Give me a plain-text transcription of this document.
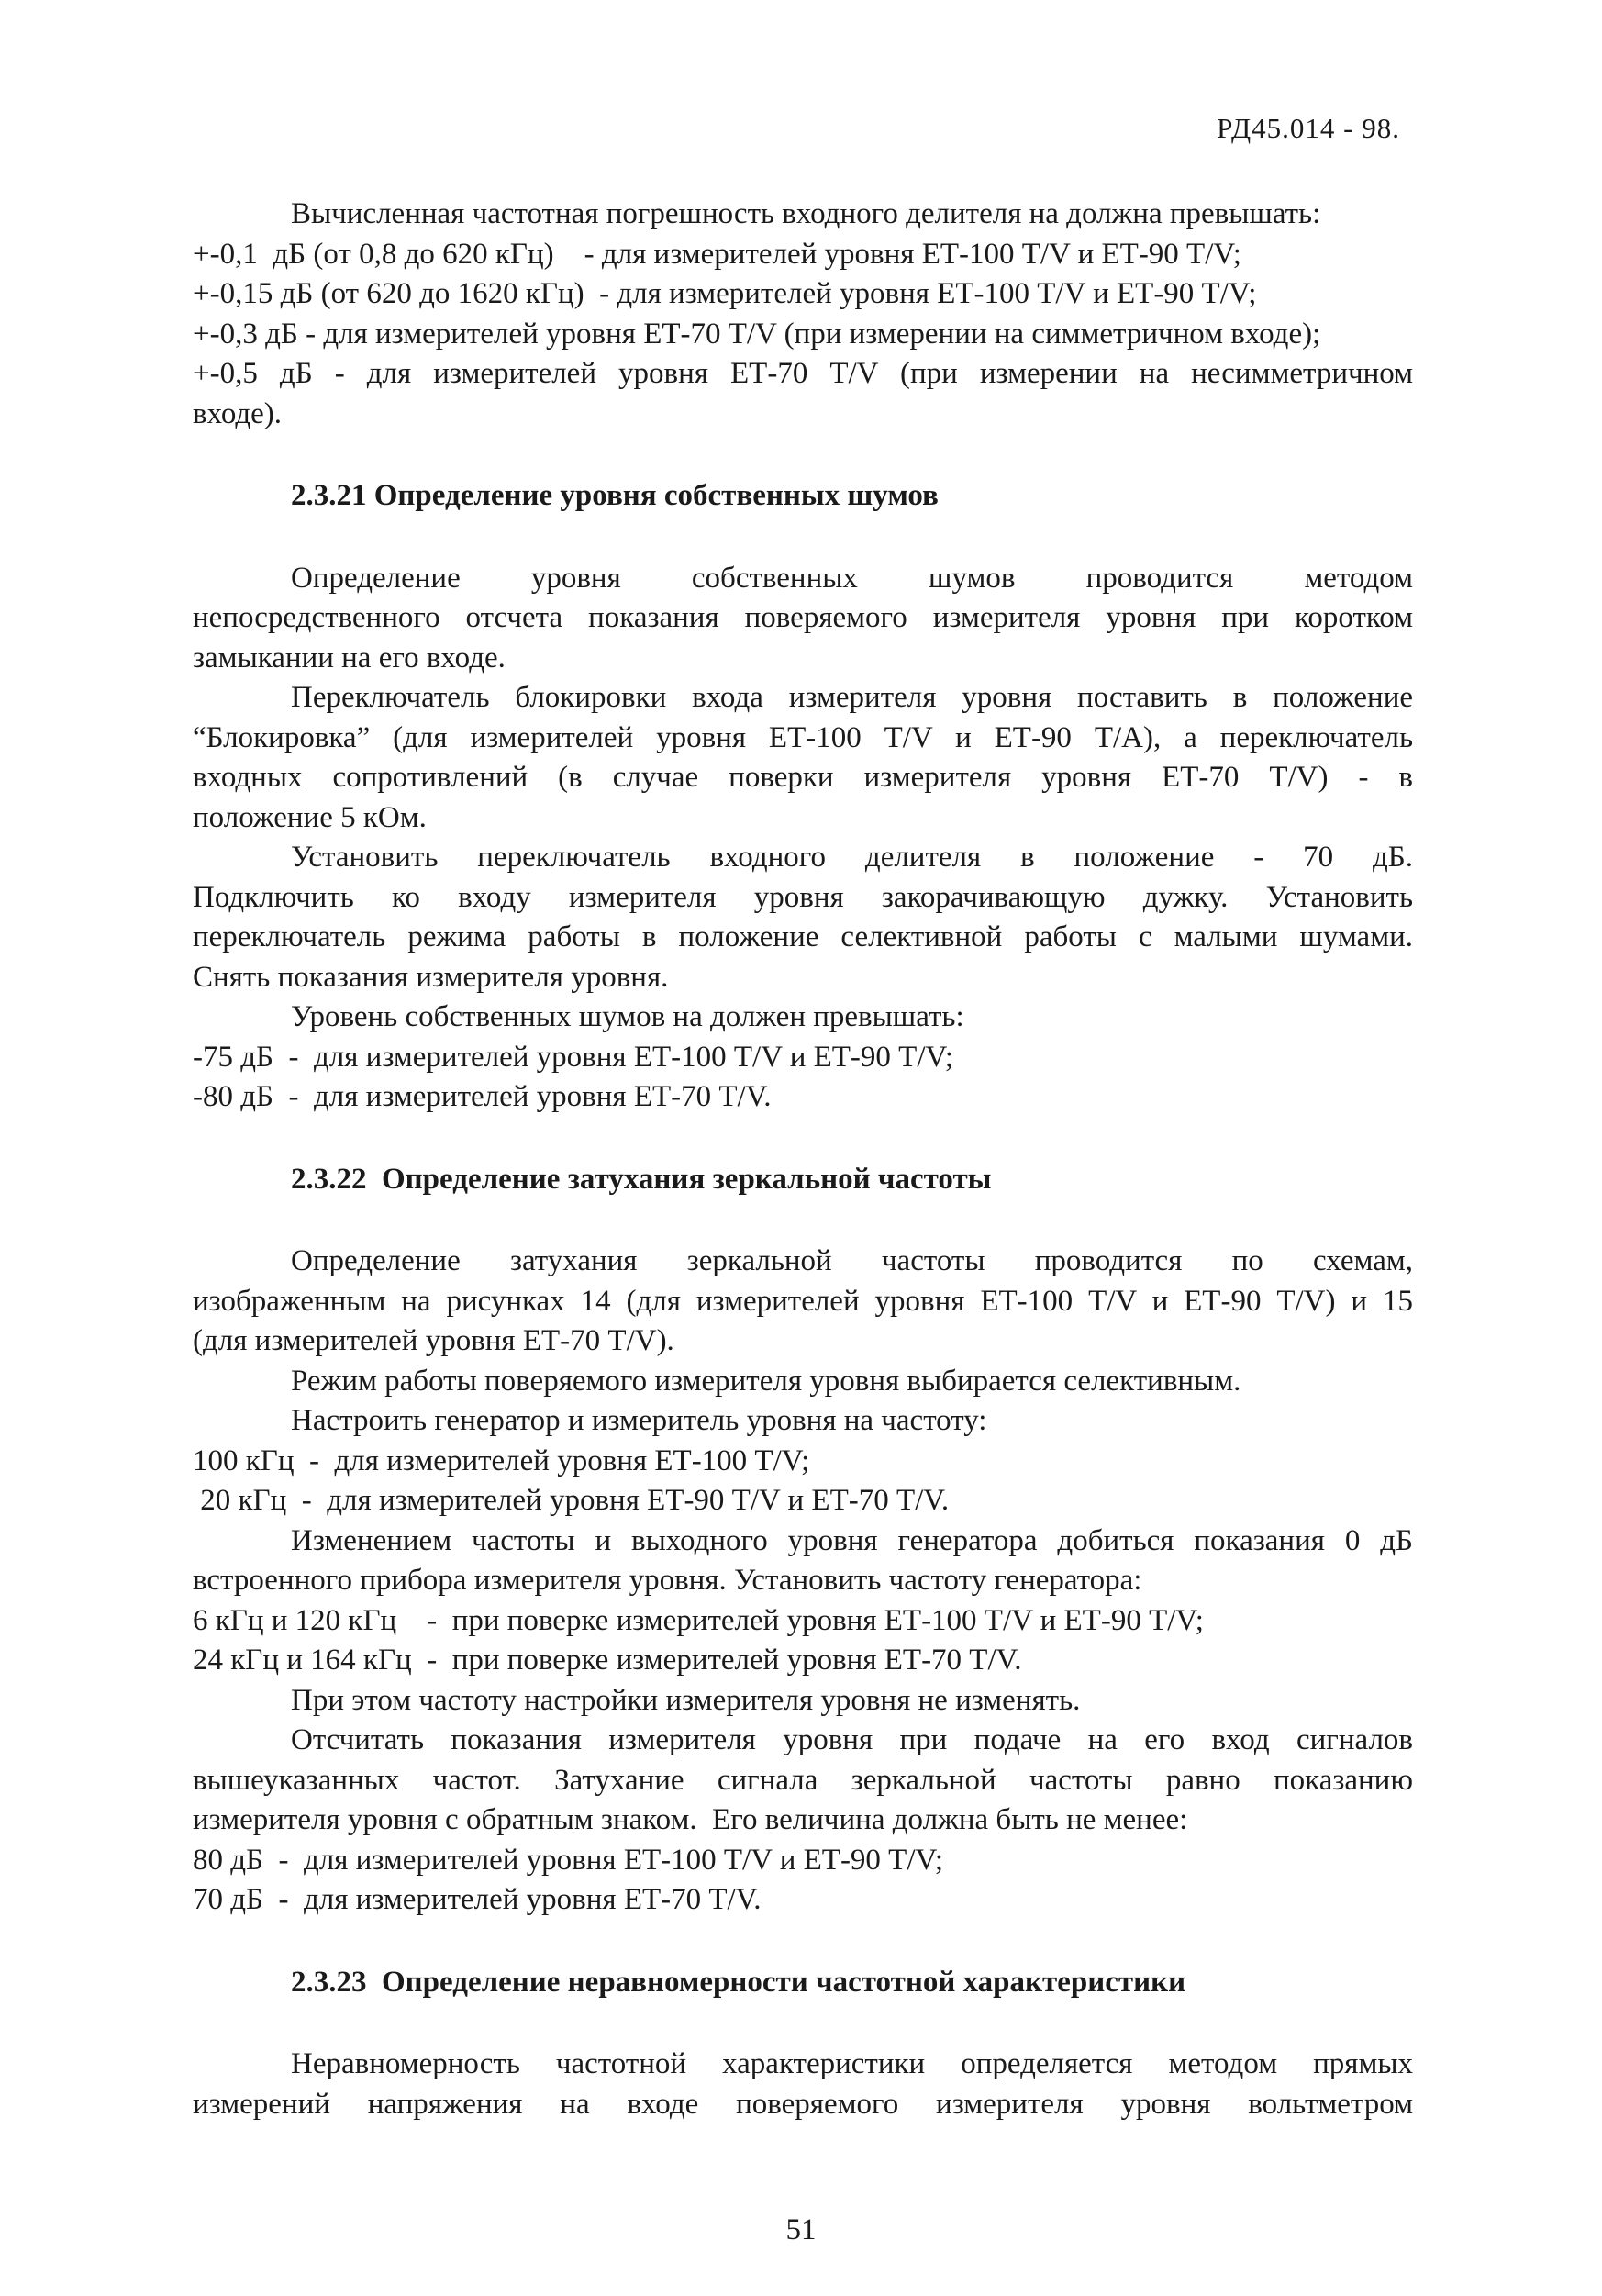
РД45.014 - 98.
Вычисленная частотная погрешность входного делителя на должна превышать:
+-0,1  дБ (от 0,8 до 620 кГц)    - для измерителей уровня ЕТ-100 Т/V и ЕТ-90 Т/V;
+-0,15 дБ (от 620 до 1620 кГц)  - для измерителей уровня ЕТ-100 Т/V и ЕТ-90 Т/V;
+-0,3 дБ - для измерителей уровня ЕТ-70 Т/V (при измерении на симметричном входе);
+-0,5 дБ - для измерителей уровня ЕТ-70 Т/V (при измерении на несимметричном
входе).
2.3.21 Определение уровня собственных шумов
Определение уровня собственных шумов проводится методом
непосредственного отсчета показания поверяемого измерителя уровня при коротком
замыкании на его входе.
Переключатель блокировки входа измерителя уровня поставить в положение
“Блокировка” (для измерителей уровня ЕТ-100 Т/V и ЕТ-90 Т/А), а переключатель
входных сопротивлений (в случае поверки измерителя уровня ЕТ-70 Т/V) - в
положение 5 кОм.
Установить переключатель входного делителя в положение - 70 дБ.
Подключить ко входу измерителя уровня закорачивающую дужку. Установить
переключатель режима работы в положение селективной работы с малыми шумами.
Снять показания измерителя уровня.
Уровень собственных шумов на должен превышать:
-75 дБ  -  для измерителей уровня ЕТ-100 Т/V и ЕТ-90 Т/V;
-80 дБ  -  для измерителей уровня ЕТ-70 Т/V.
2.3.22  Определение затухания зеркальной частоты
Определение затухания зеркальной частоты проводится по схемам,
изображенным на рисунках 14 (для измерителей уровня ЕТ-100 Т/V и ЕТ-90 Т/V) и 15
(для измерителей уровня ЕТ-70 Т/V).
Режим работы поверяемого измерителя уровня выбирается селективным.
Настроить генератор и измеритель уровня на частоту:
100 кГц  -  для измерителей уровня ЕТ-100 Т/V;
20 кГц  -  для измерителей уровня ЕТ-90 Т/V и ЕТ-70 Т/V.
Изменением частоты и выходного уровня генератора добиться показания 0 дБ
встроенного прибора измерителя уровня. Установить частоту генератора:
6 кГц и 120 кГц    -  при поверке измерителей уровня ЕТ-100 Т/V и ЕТ-90 Т/V;
24 кГц и 164 кГц  -  при поверке измерителей уровня ЕТ-70 Т/V.
При этом частоту настройки измерителя уровня не изменять.
Отсчитать показания измерителя уровня при подаче на его вход сигналов
вышеуказанных частот. Затухание сигнала зеркальной частоты равно показанию
измерителя уровня с обратным знаком.  Его величина должна быть не менее:
80 дБ  -  для измерителей уровня ЕТ-100 Т/V и ЕТ-90 Т/V;
70 дБ  -  для измерителей уровня ЕТ-70 Т/V.
2.3.23  Определение неравномерности частотной характеристики
Неравномерность частотной характеристики определяется методом прямых
измерений напряжения на входе поверяемого измерителя уровня вольтметром
51
